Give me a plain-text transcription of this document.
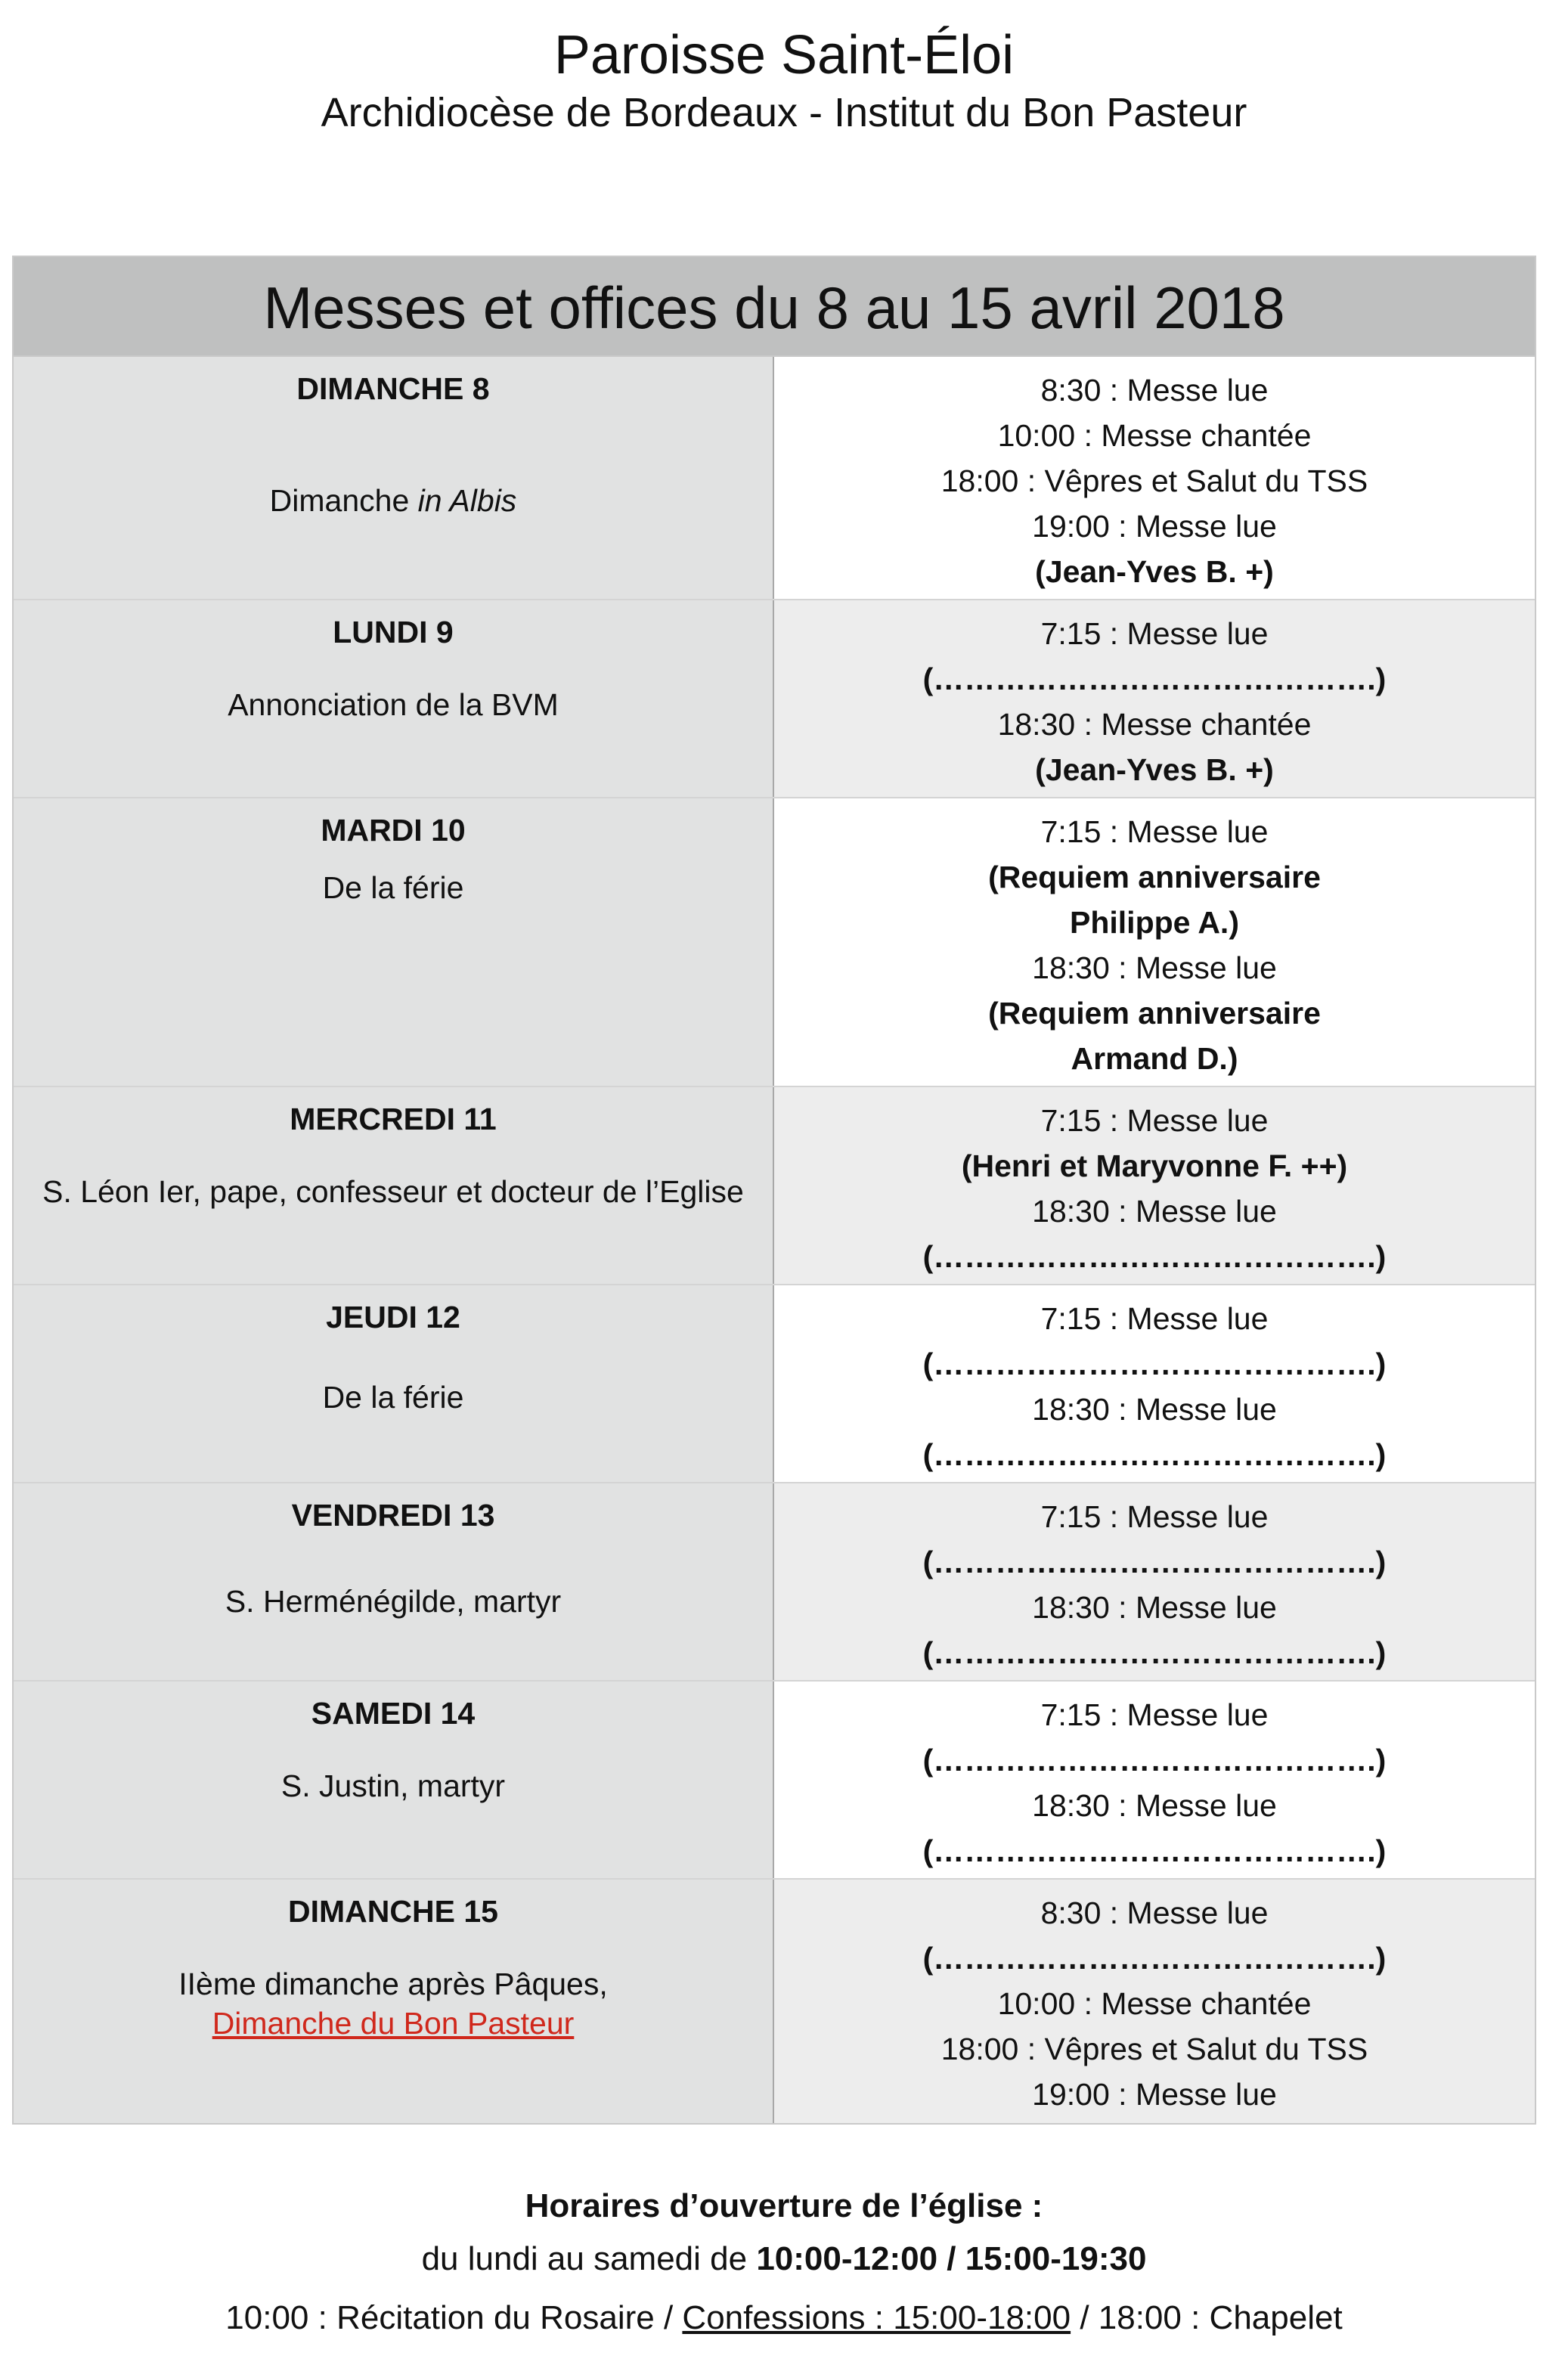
Paroisse Saint-Éloi
Archidiocèse de Bordeaux - Institut du Bon Pasteur
Messes et offices du 8 au 15 avril 2018
DIMANCHE 8
Dimanche in Albis
8:30 : Messe lue
10:00 : Messe chantée
18:00 : Vêpres et Salut du TSS
19:00 : Messe lue
(Jean-Yves B. +)
LUNDI 9
Annonciation de la BVM
7:15 : Messe lue
(…………………………………….)
18:30 : Messe chantée
(Jean-Yves B. +)
MARDI 10
De la férie
7:15 : Messe lue
(Requiem anniversaire
Philippe A.)
18:30 : Messe lue
(Requiem anniversaire
Armand D.)
MERCREDI 11
S. Léon Ier, pape, confesseur et docteur de l’Eglise
7:15 : Messe lue
(Henri et Maryvonne F. ++)
18:30 : Messe lue
(…………………………………….)
JEUDI 12
De la férie
7:15 : Messe lue
(…………………………………….)
18:30 : Messe lue
(…………………………………….)
VENDREDI 13
S. Herménégilde, martyr
7:15 : Messe lue
(…………………………………….)
18:30 : Messe lue
(…………………………………….)
SAMEDI 14
S. Justin, martyr
7:15 : Messe lue
(…………………………………….)
18:30 : Messe lue
(…………………………………….)
DIMANCHE 15
IIème dimanche après Pâques,
Dimanche du Bon Pasteur
8:30 : Messe lue
(…………………………………….)
10:00 : Messe chantée
18:00 : Vêpres et Salut du TSS
19:00 : Messe lue
Horaires d’ouverture de l’église :
du lundi au samedi de 10:00-12:00 / 15:00-19:30
10:00 : Récitation du Rosaire / Confessions : 15:00-18:00 / 18:00 : Chapelet
